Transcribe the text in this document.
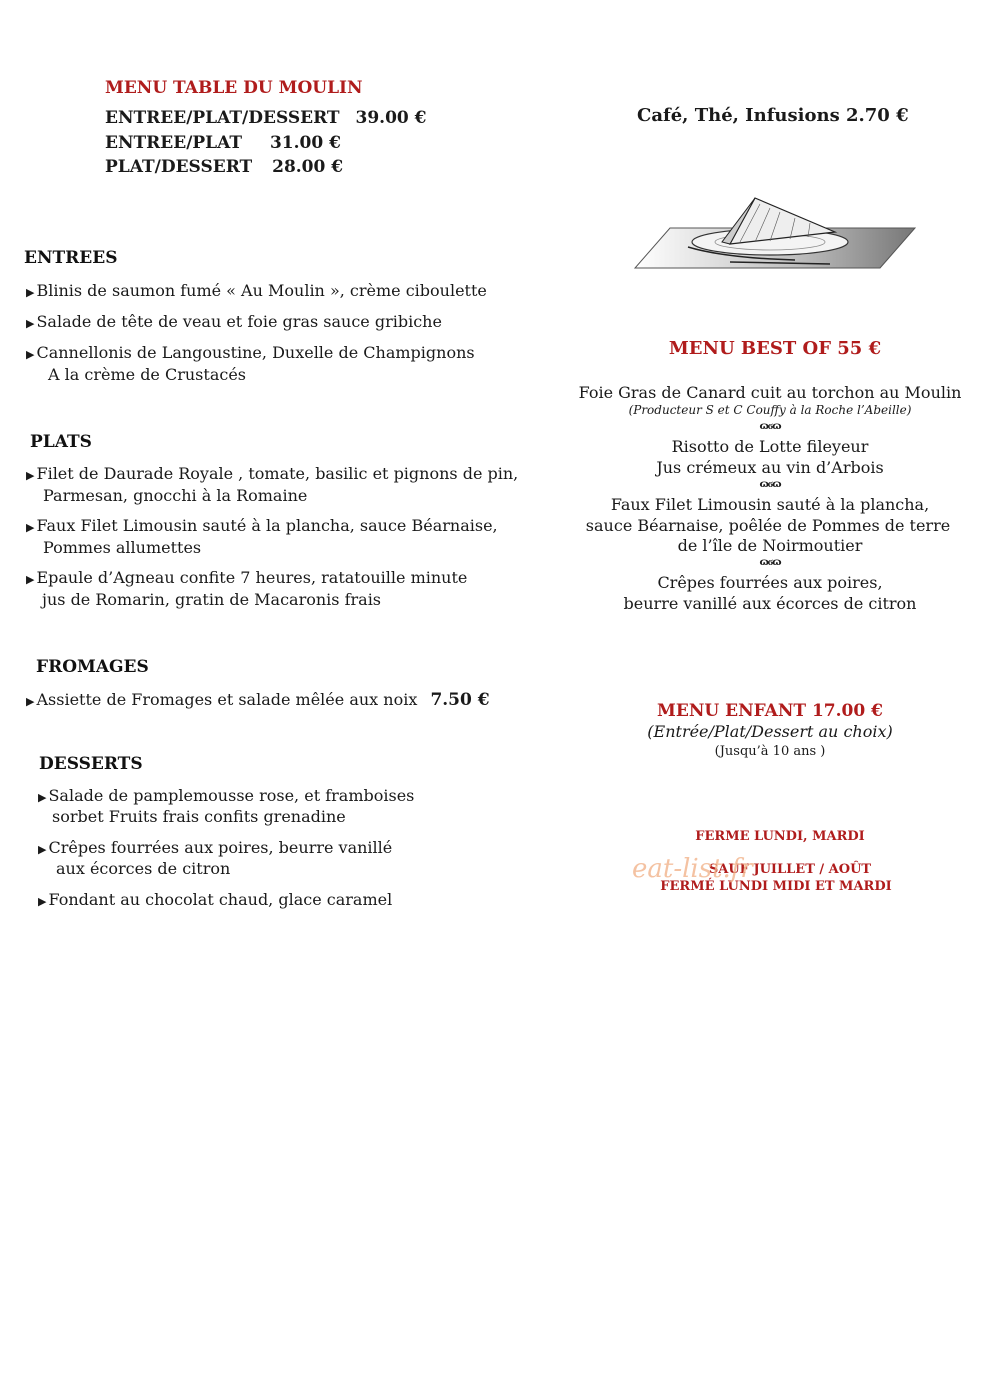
MENU TABLE DU MOULIN
ENTREE/PLAT/DESSERT 39.00 €
ENTREE/PLAT 31.00 €
PLAT/DESSERT 28.00 €
Café, Thé, Infusions 2.70 €
ENTREES
▶ Blinis de saumon fumé « Au Moulin », crème ciboulette
▶ Salade de tête de veau et foie gras sauce gribiche
▶ Cannellonis de Langoustine, Duxelle de Champignons
A la crème de Crustacés
PLATS
▶ Filet de Daurade Royale , tomate, basilic et pignons de pin,
Parmesan, gnocchi à la Romaine
▶ Faux Filet Limousin sauté à la plancha, sauce Béarnaise,
Pommes allumettes
▶ Epaule d’Agneau confite 7 heures, ratatouille minute
jus de Romarin, gratin de Macaronis frais
FROMAGES
▶ Assiette de Fromages et salade mêlée aux noix 7.50 €
DESSERTS
▶ Salade de pamplemousse rose, et framboises
sorbet Fruits frais confits grenadine
▶ Crêpes fourrées aux poires, beurre vanillé
aux écorces de citron
▶ Fondant au chocolat chaud, glace caramel
MENU BEST OF 55 €
Foie Gras de Canard cuit au torchon au Moulin
(Producteur S et C Couffy à la Roche l’Abeille)
ɷϭɷ
Risotto de Lotte fileyeur
Jus crémeux au vin d’Arbois
ɷϭɷ
Faux Filet Limousin sauté à la plancha,
sauce Béarnaise, poêlée de Pommes de terre
de l’île de Noirmoutier
ɷϭɷ
Crêpes fourrées aux poires,
beurre vanillé aux écorces de citron
MENU ENFANT 17.00 €
(Entrée/Plat/Dessert au choix)
(Jusqu’à 10 ans )
FERME LUNDI, MARDI
SAUF JUILLET / AOÛT
FERMÉ LUNDI MIDI ET MARDI
eat-list.fr
